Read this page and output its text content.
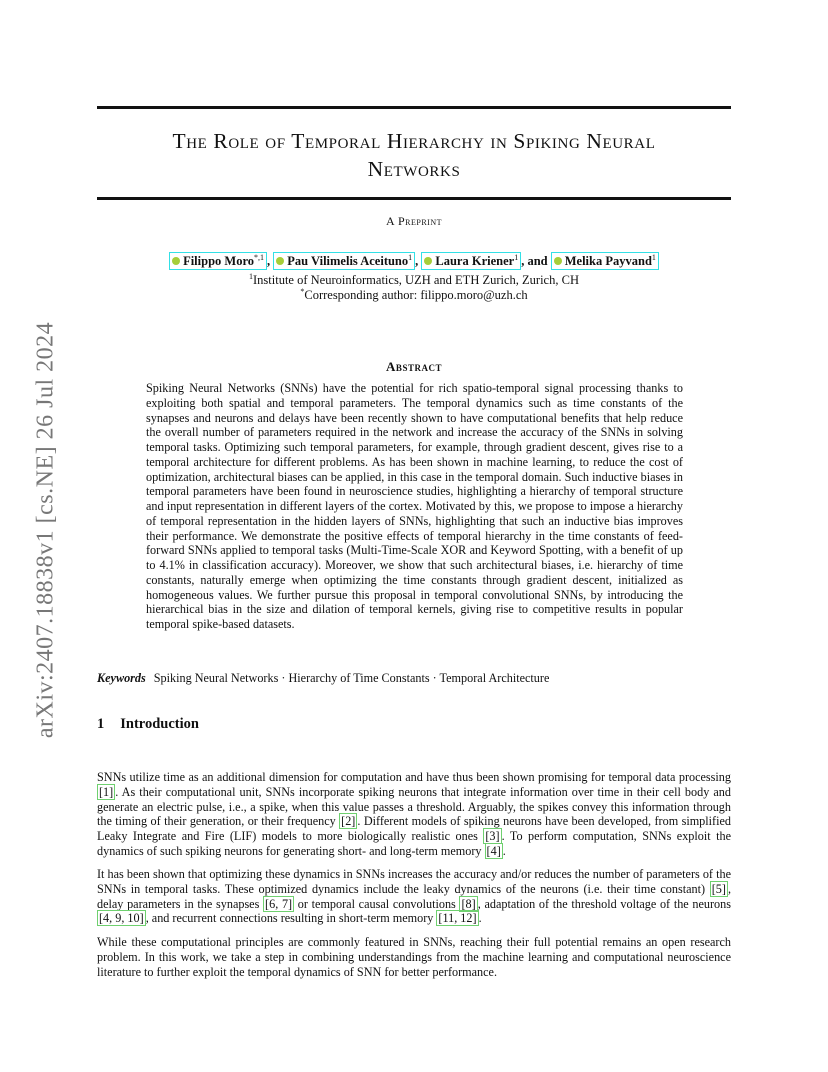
arXiv:2407.18838v1 [cs.NE] 26 Jul 2024
The Role of Temporal Hierarchy in Spiking Neural
Networks
A Preprint
Filippo Moro$^{*,1}$ , Pau Vilimelis Aceituno$^1$ , Laura Kriener$^1$ , and Melika Payvand$^1$
$^1$Institute of Neuroinformatics, UZH and ETH Zurich, Zurich, CH
*Corresponding author: filippo.moro@uzh.ch
Abstract
Spiking Neural Networks (SNNs) have the potential for rich spatio-temporal signal processing thanks to exploiting both spatial and temporal parameters. The temporal dynamics such as time constants of the synapses and neurons and delays have been recently shown to have computational benefits that help reduce the overall number of parameters required in the network and increase the accuracy of the SNNs in solving temporal tasks. Optimizing such temporal parameters, for example, through gradient descent, gives rise to a temporal architecture for different problems. As has been shown in machine learning, to reduce the cost of optimization, architectural biases can be applied, in this case in the temporal domain. Such inductive biases in temporal parameters have been found in neuroscience studies, highlighting a hierarchy of temporal structure and input representation in different layers of the cortex. Motivated by this, we propose to impose a hierarchy of temporal representation in the hidden layers of SNNs, highlighting that such an inductive bias improves their performance. We demonstrate the positive effects of temporal hierarchy in the time constants of feed-forward SNNs applied to temporal tasks (Multi-Time-Scale XOR and Keyword Spotting, with a benefit of up to 4.1% in classification accuracy). Moreover, we show that such architectural biases, i.e. hierarchy of time constants, naturally emerge when optimizing the time constants through gradient descent, initialized as homogeneous values. We further pursue this proposal in temporal convolutional SNNs, by introducing the hierarchical bias in the size and dilation of temporal kernels, giving rise to competitive results in popular temporal spike-based datasets.
Keywords Spiking Neural Networks · Hierarchy of Time Constants · Temporal Architecture
1 Introduction
SNNs utilize time as an additional dimension for computation and have thus been shown promising for temporal data processing [1] . As their computational unit, SNNs incorporate spiking neurons that integrate information over time in their cell body and generate an electric pulse, i.e., a spike, when this value passes a threshold. Arguably, the spikes convey this information through the timing of their generation, or their frequency [2] . Different models of spiking neurons have been developed, from simplified Leaky Integrate and Fire (LIF) models to more biologically realistic ones [3] . To perform computation, SNNs exploit the dynamics of such spiking neurons for generating short- and long-term memory [4] .
It has been shown that optimizing these dynamics in SNNs increases the accuracy and/or reduces the number of parameters of the SNNs in temporal tasks. These optimized dynamics include the leaky dynamics of the neurons (i.e. their time constant) [5] , delay parameters in the synapses [6, 7] or temporal causal convolutions [8] , adaptation of the threshold voltage of the neurons [4, 9, 10] , and recurrent connections resulting in short-term memory [11, 12] .
While these computational principles are commonly featured in SNNs, reaching their full potential remains an open research problem. In this work, we take a step in combining understandings from the machine learning and computational neuroscience literature to further exploit the temporal dynamics of SNN for better performance.
